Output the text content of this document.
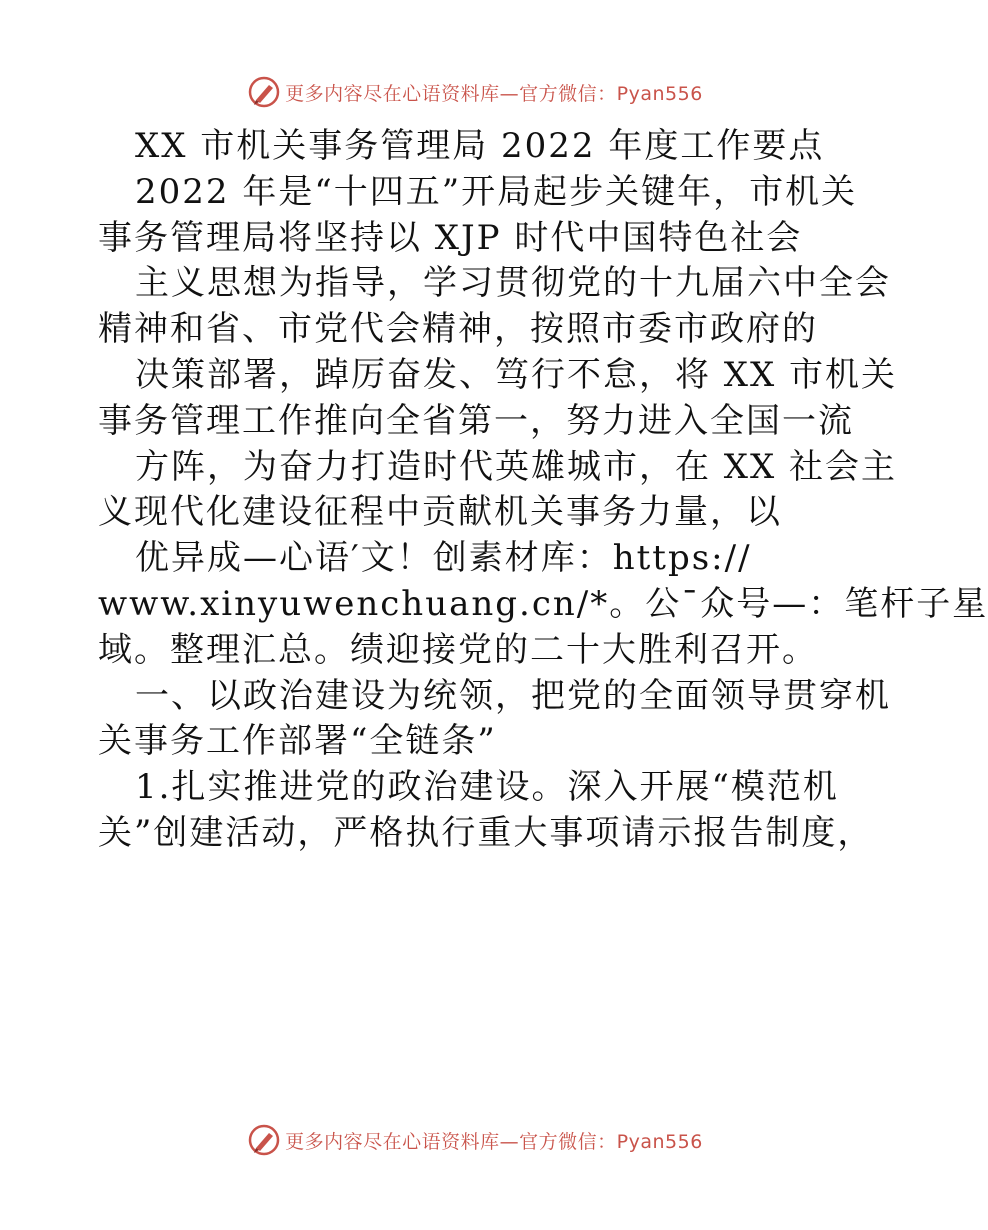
更多内容尽在心语资料库—官方微信：Pyan556

XX 市机关事务管理局 2022 年度工作要点

2022 年是“十四五”开局起步关键年，市机关

事务管理局将坚持以 XJP 时代中国特色社会

主义思想为指导，学习贯彻党的十九届六中全会

精神和省、市党代会精神，按照市委市政府的

决策部署，踔厉奋发、笃行不怠，将 XX 市机关

事务管理工作推向全省第一，努力进入全国一流

方阵，为奋力打造时代英雄城市，在 XX 社会主

义现代化建设征程中贡献机关事务力量，以

优异成—心语′文！创素材库：https://

www.xinyuwenchuang.cn/*。公¯众号—：笔杆子星

域。整理汇总。绩迎接党的二十大胜利召开。

一、以政治建设为统领，把党的全面领导贯穿机

关事务工作部署“全链条”

1.扎实推进党的政治建设。深入开展“模范机

关”创建活动，严格执行重大事项请示报告制度，

更多内容尽在心语资料库—官方微信：Pyan556
